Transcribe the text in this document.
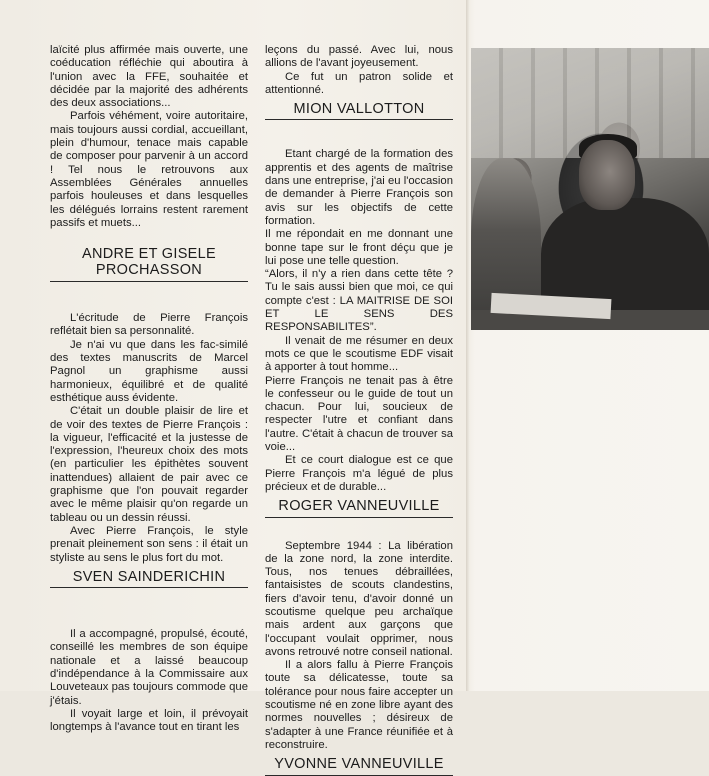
laïcité plus affirmée mais ouverte, une coéducation réfléchie qui aboutira à l'union avec la FFE, souhaitée et décidée par la majorité des adhérents des deux associations...

Parfois véhément, voire autoritaire, mais toujours aussi cordial, accueillant, plein d'humour, tenace mais capable de composer pour parvenir à un accord ! Tel nous le retrouvons aux Assemblées Générales annuelles parfois houleuses et dans lesquelles les délégués lorrains restent rarement passifs et muets...

ANDRE ET GISELE
PROCHASSON

L'écritude de Pierre François reflétait bien sa personnalité.

Je n'ai vu que dans les fac-similé des textes manuscrits de Marcel Pagnol un graphisme aussi harmonieux, équilibré et de qualité esthétique auss évidente.

C'était un double plaisir de lire et de voir des textes de Pierre François : la vigueur, l'efficacité et la justesse de l'expression, l'heureux choix des mots (en particulier les épithètes souvent inattendues) allaient de pair avec ce graphisme que l'on pouvait regarder avec le même plaisir qu'on regarde un tableau ou un dessin réussi.

Avec Pierre François, le style prenait pleinement son sens : il était un styliste au sens le plus fort du mot.

SVEN SAINDERICHIN

Il a accompagné, propulsé, écouté, conseillé les membres de son équipe nationale et a laissé beaucoup d'indépendance à la Commissaire aux Louveteaux pas toujours commode que j'étais.

Il voyait large et loin, il prévoyait longtemps à l'avance tout en tirant les

leçons du passé. Avec lui, nous allions de l'avant joyeusement.

Ce fut un patron solide et attentionné.

MION VALLOTTON

Etant chargé de la formation des apprentis et des agents de maîtrise dans une entreprise, j'ai eu l'occasion de demander à Pierre François son avis sur les objectifs de cette formation.

Il me répondait en me donnant une bonne tape sur le front déçu que je lui pose une telle question.

“Alors, il n'y a rien dans cette tête ? Tu le sais aussi bien que moi, ce qui compte c'est : LA MAITRISE DE SOI ET LE SENS DES RESPONSABILITES”.

Il venait de me résumer en deux mots ce que le scoutisme EDF visait à apporter à tout homme...

Pierre François ne tenait pas à être le confesseur ou le guide de tout un chacun. Pour lui, soucieux de respecter l'utre et confiant dans l'autre. C'était à chacun de trouver sa voie...

Et ce court dialogue est ce que Pierre François m'a légué de plus précieux et de durable...

ROGER VANNEUVILLE

Septembre 1944 : La libération de la zone nord, la zone interdite. Tous, nos tenues débraillées, fantaisistes de scouts clandestins, fiers d'avoir tenu, d'avoir donné un scoutisme quelque peu archaïque mais ardent aux garçons que l'occupant voulait opprimer, nous avons retrouvé notre conseil national.

Il a alors fallu à Pierre François toute sa délicatesse, toute sa tolérance pour nous faire accepter un scoutisme né en zone libre ayant des normes nouvelles ; désireux de s'adapter à une France réunifiée et à reconstruire.

YVONNE VANNEUVILLE
